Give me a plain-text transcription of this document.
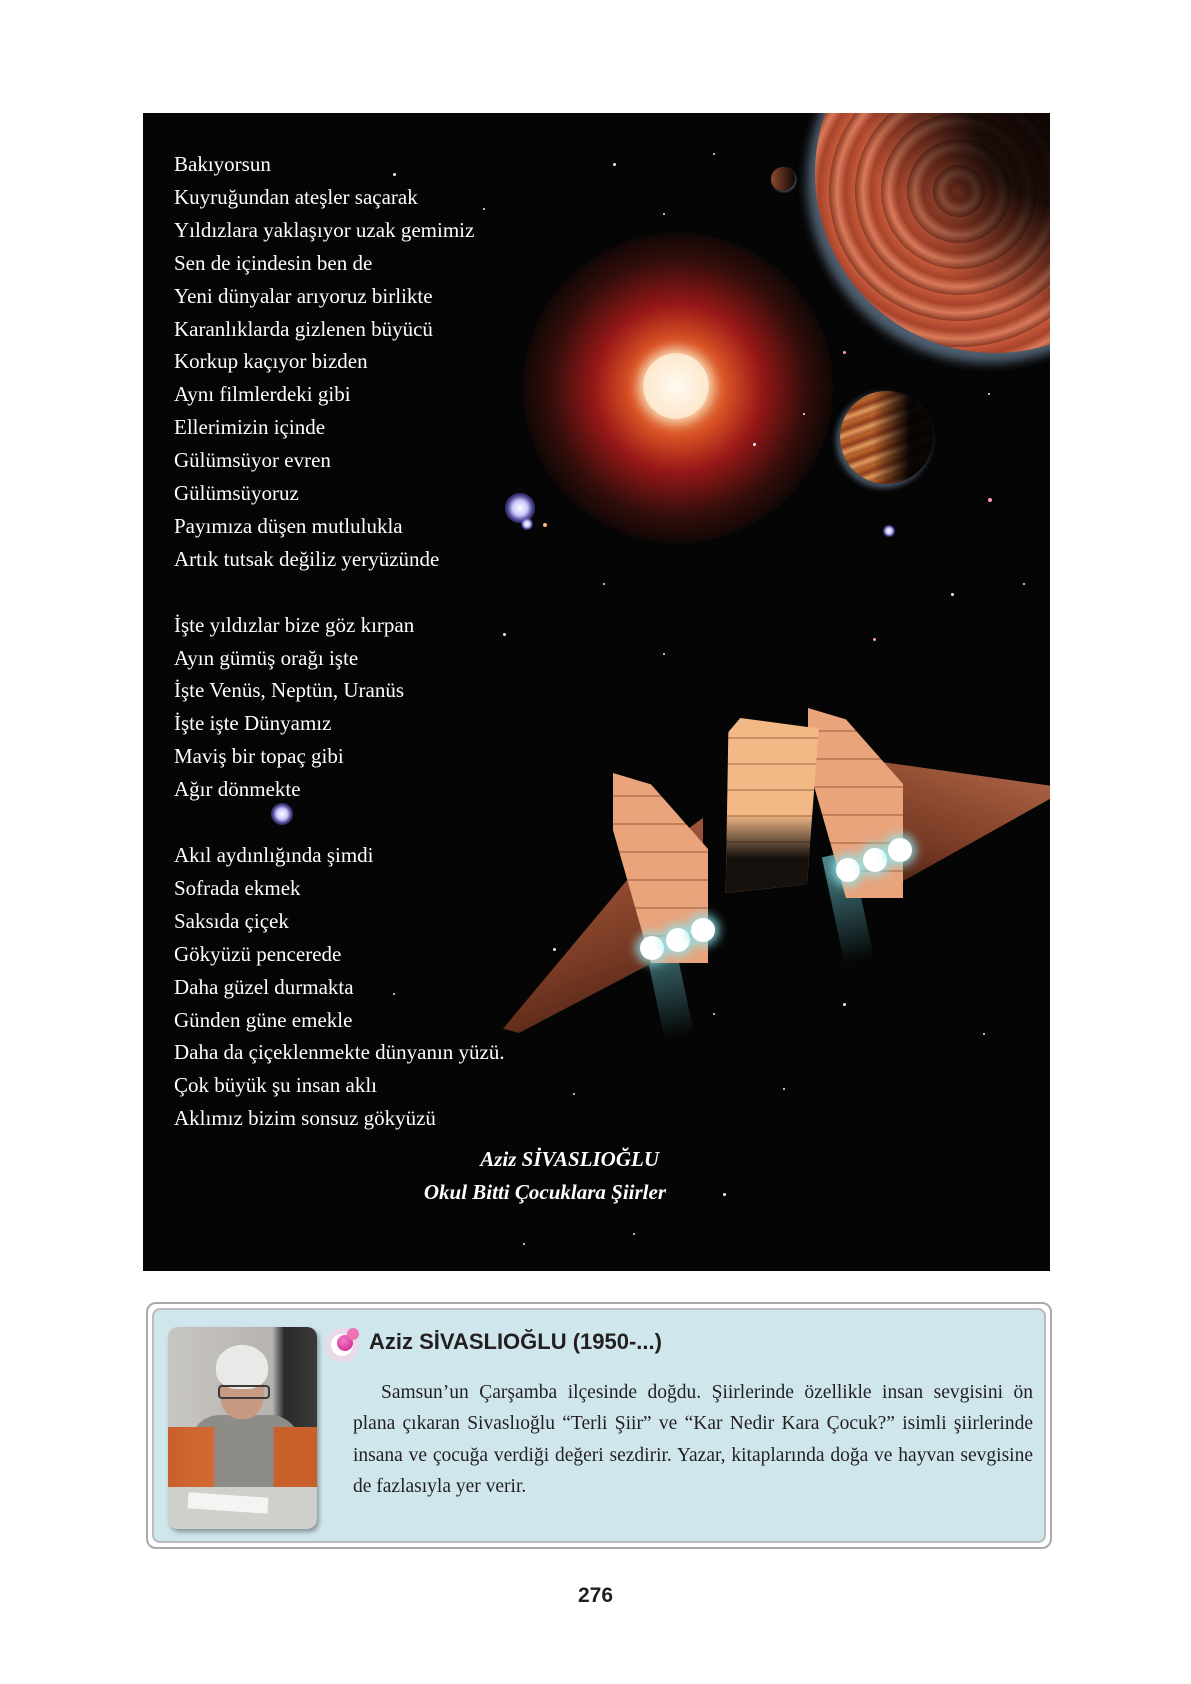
Bakıyorsun
Kuyruğundan ateşler saçarak
Yıldızlara yaklaşıyor uzak gemimiz
Sen de içindesin ben de
Yeni dünyalar arıyoruz birlikte
Karanlıklarda gizlenen büyücü
Korkup kaçıyor bizden
Aynı filmlerdeki gibi
Ellerimizin içinde
Gülümsüyor evren
Gülümsüyoruz
Payımıza düşen mutlulukla
Artık tutsak değiliz yeryüzünde
İşte yıldızlar bize göz kırpan
Ayın gümüş orağı işte
İşte Venüs, Neptün, Uranüs
İşte işte Dünyamız
Maviş bir topaç gibi
Ağır dönmekte
Akıl aydınlığında şimdi
Sofrada ekmek
Saksıda çiçek
Gökyüzü pencerede
Daha güzel durmakta
Günden güne emekle
Daha da çiçeklenmekte dünyanın yüzü.
Çok büyük şu insan aklı
Aklımız bizim sonsuz gökyüzü
Aziz SİVASLIOĞLU
Okul Bitti Çocuklara Şiirler
Aziz SİVASLIOĞLU (1950-...)
Samsun’un Çarşamba ilçesinde doğdu. Şiirlerinde özellikle insan sevgisini ön plana çıkaran Sivaslıoğlu “Terli Şiir” ve “Kar Nedir Kara Çocuk?” isimli şiirlerinde insana ve çocuğa verdiği değeri sezdirir. Yazar, kitaplarında doğa ve hayvan sevgisine de fazlasıyla yer verir.
276
